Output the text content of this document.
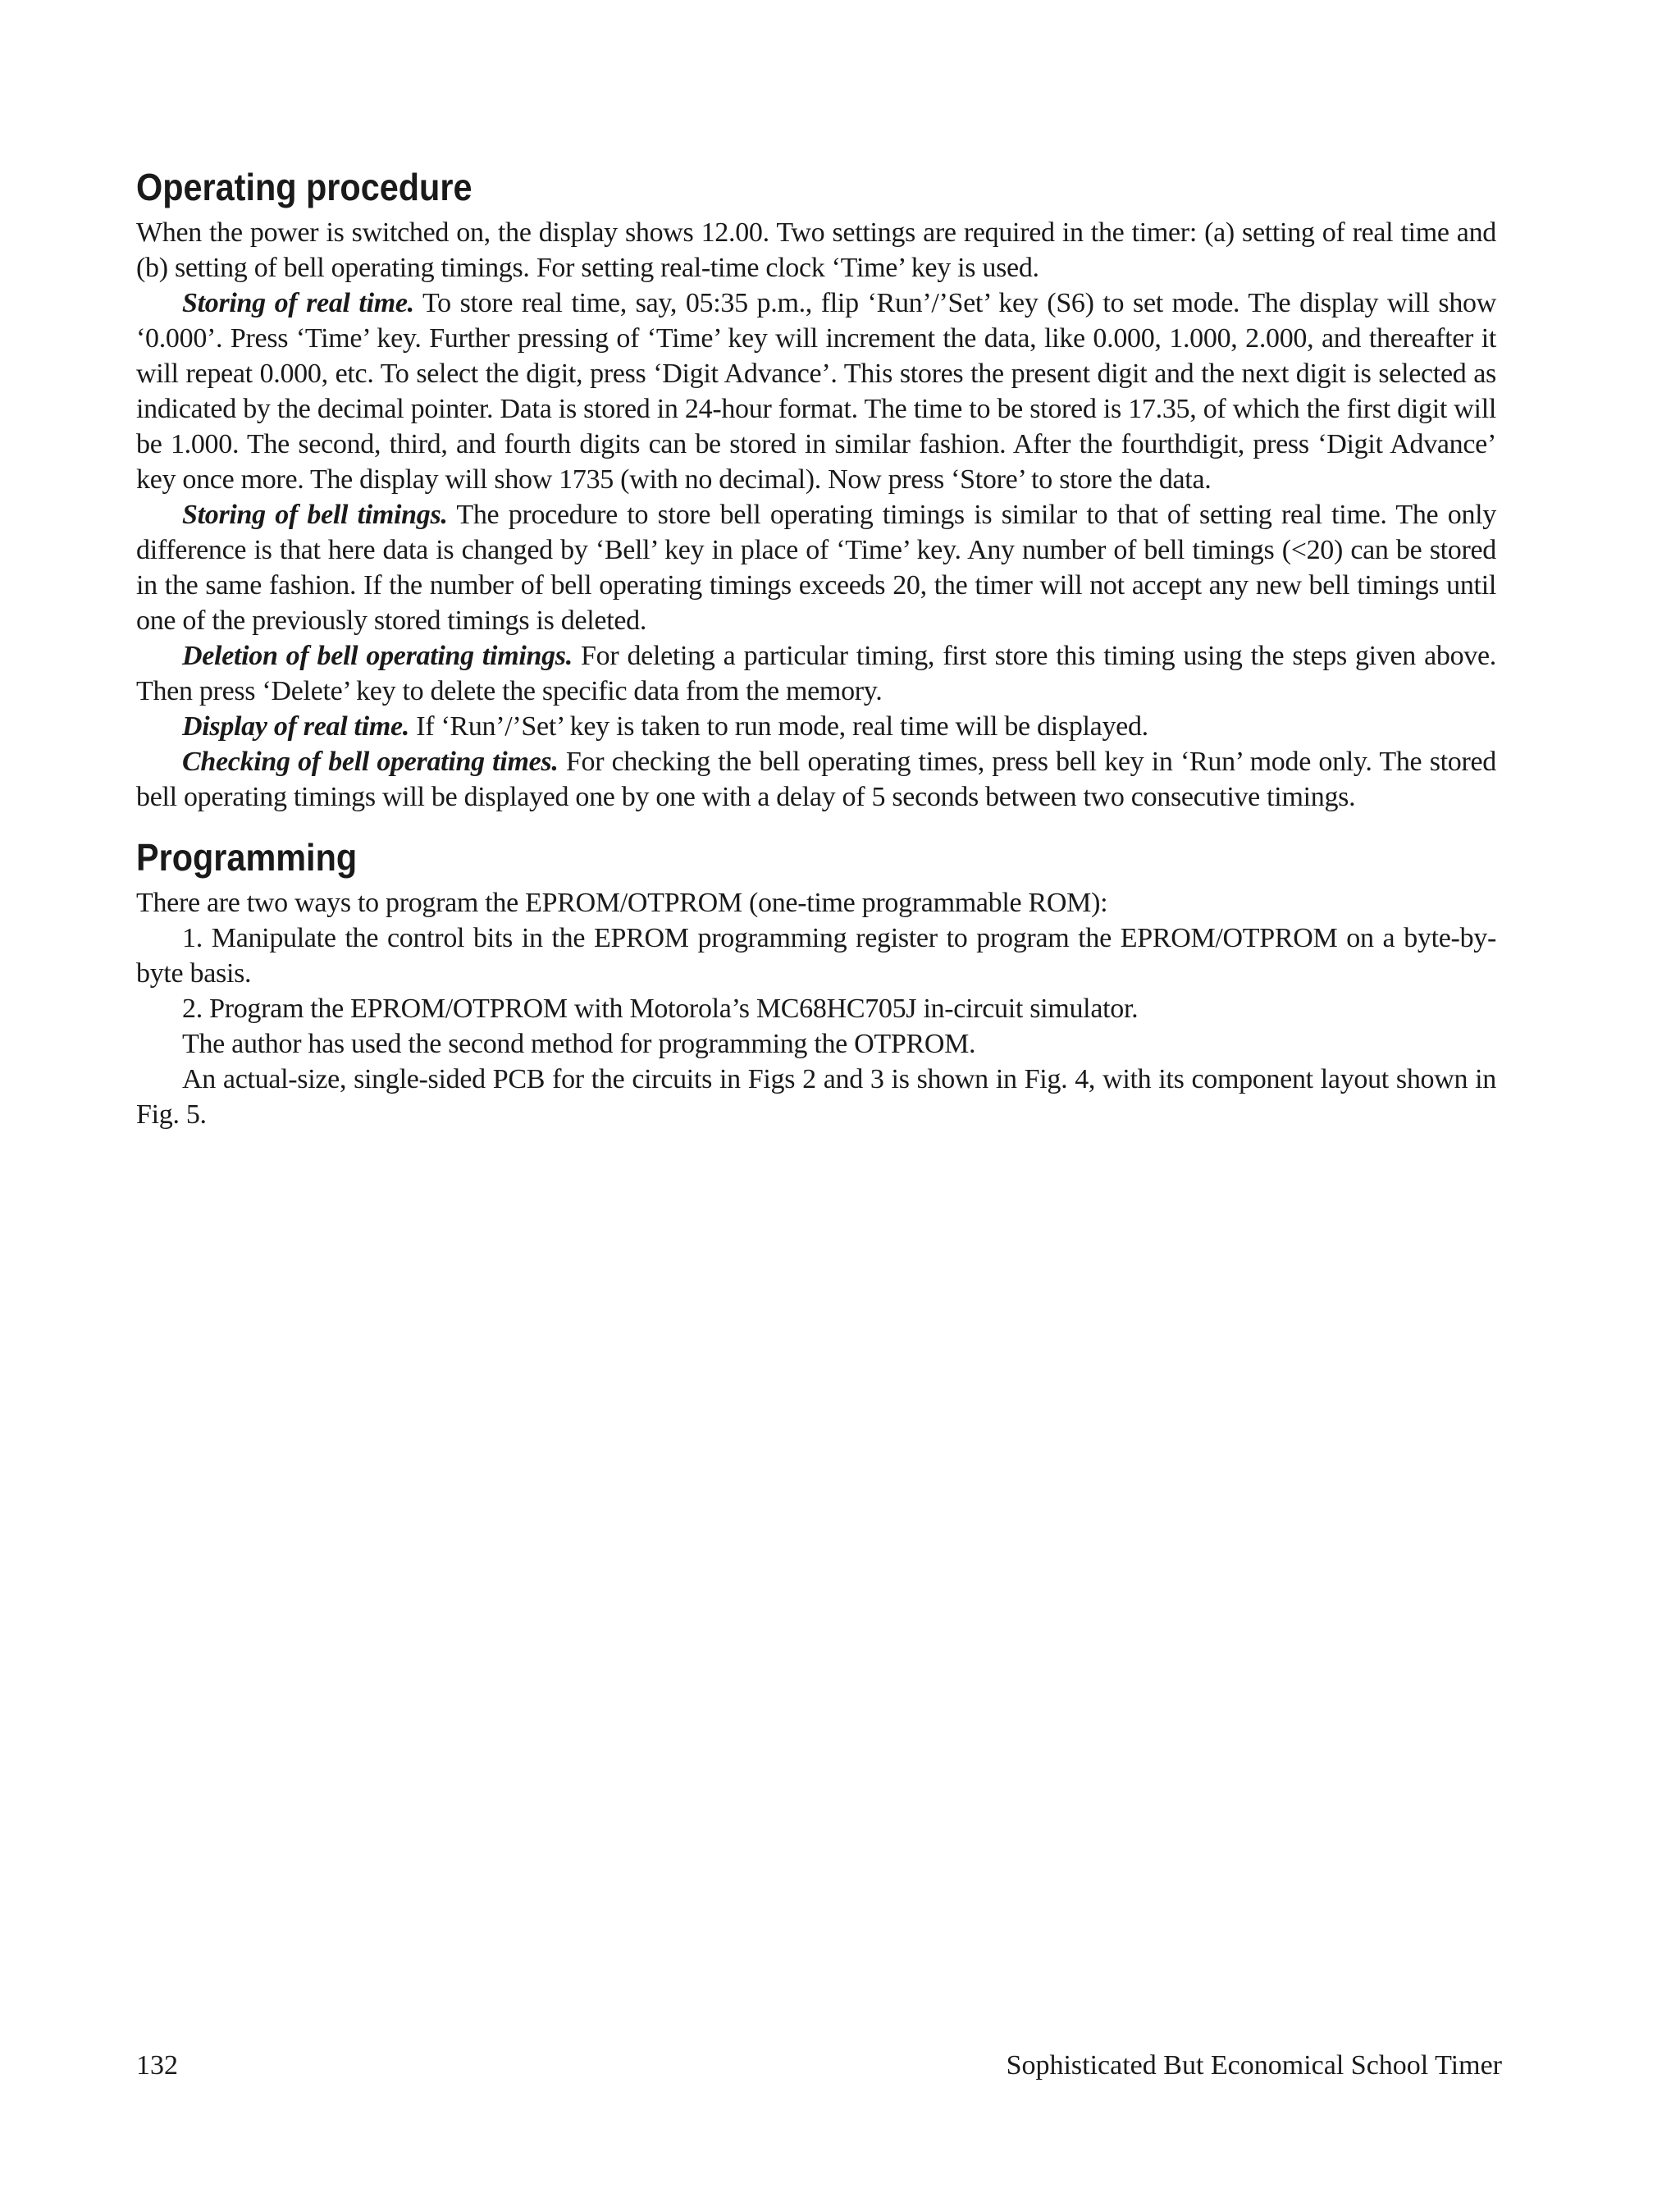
Operating procedure

When the power is switched on, the display shows 12.00. Two settings are required in the timer: (a) setting of real time and (b) setting of bell operating timings. For setting real-time clock ‘Time’ key is used.

Storing of real time. To store real time, say, 05:35 p.m., flip ‘Run’/’Set’ key (S6) to set mode. The display will show ‘0.000’. Press ‘Time’ key. Further pressing of ‘Time’ key will increment the data, like 0.000, 1.000, 2.000, and thereafter it will repeat 0.000, etc. To select the digit, press ‘Digit Advance’. This stores the present digit and the next digit is selected as indicated by the decimal pointer. Data is stored in 24-hour format. The time to be stored is 17.35, of which the first digit will be 1.000. The second, third, and fourth digits can be stored in similar fashion. After the fourthdigit, press ‘Digit Advance’ key once more. The display will show 1735 (with no decimal). Now press ‘Store’ to store the data.

Storing of bell timings. The procedure to store bell operating timings is similar to that of setting real time. The only difference is that here data is changed by ‘Bell’ key in place of ‘Time’ key. Any number of bell timings (<20) can be stored in the same fashion. If the number of bell operating timings exceeds 20, the timer will not accept any new bell timings until one of the previously stored timings is deleted.

Deletion of bell operating timings. For deleting a particular timing, first store this timing using the steps given above. Then press ‘Delete’ key to delete the specific data from the memory.

Display of real time. If ‘Run’/’Set’ key is taken to run mode, real time will be displayed.

Checking of bell operating times. For checking the bell operating times, press bell key in ‘Run’ mode only. The stored bell operating timings will be displayed one by one with a delay of 5 seconds between two consecutive timings.

Programming

There are two ways to program the EPROM/OTPROM (one-time programmable ROM):

1. Manipulate the control bits in the EPROM programming register to program the EPROM/OTPROM on a byte-by-byte basis.

2. Program the EPROM/OTPROM with Motorola’s MC68HC705J in-circuit simulator.

The author has used the second method for programming the OTPROM.

An actual-size, single-sided PCB for the circuits in Figs 2 and 3 is shown in Fig. 4, with its component layout shown in Fig. 5.

132	Sophisticated But Economical School Timer
